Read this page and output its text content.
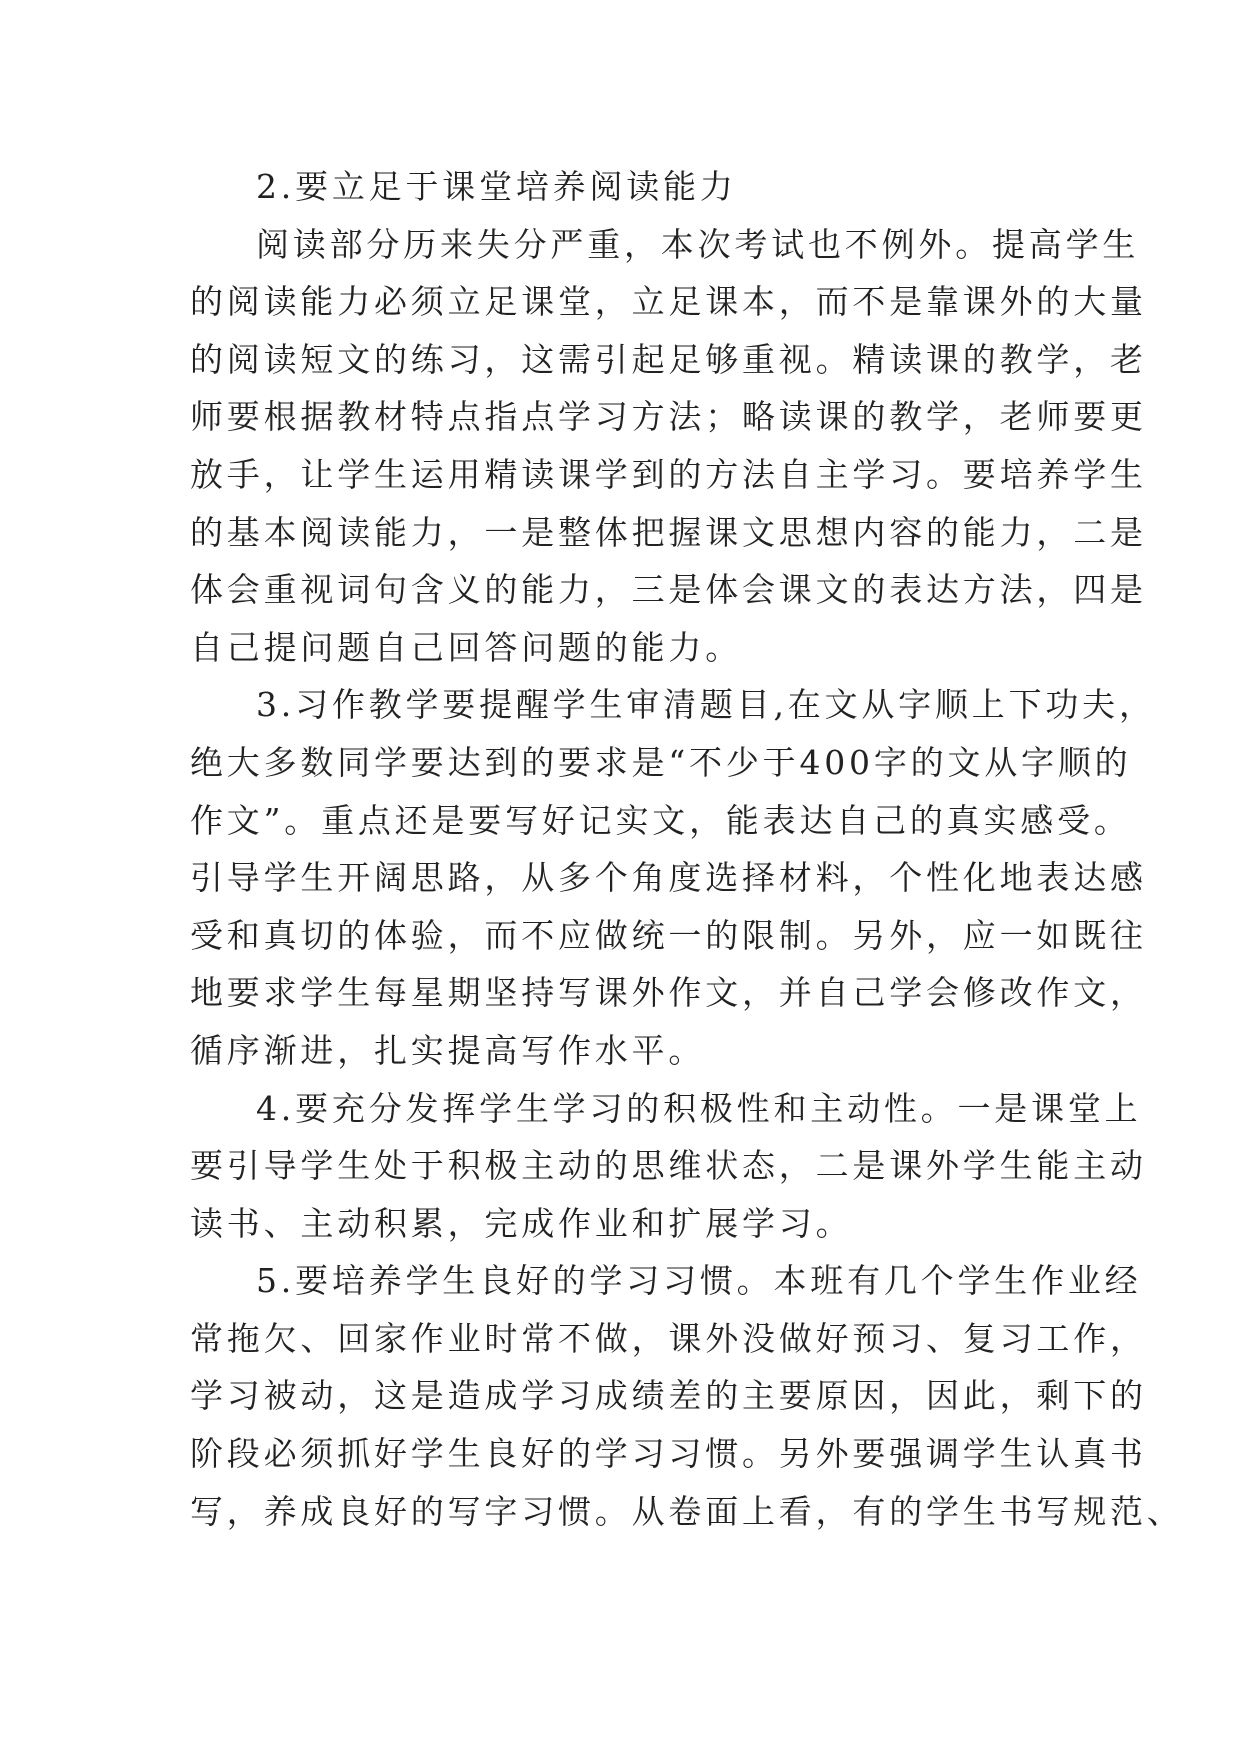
2.要立足于课堂培养阅读能力
阅读部分历来失分严重，本次考试也不例外。提高学生
的阅读能力必须立足课堂，立足课本，而不是靠课外的大量
的阅读短文的练习，这需引起足够重视。精读课的教学，老
师要根据教材特点指点学习方法；略读课的教学，老师要更
放手，让学生运用精读课学到的方法自主学习。要培养学生
的基本阅读能力，一是整体把握课文思想内容的能力，二是
体会重视词句含义的能力，三是体会课文的表达方法，四是
自己提问题自己回答问题的能力。
3.习作教学要提醒学生审清题目,在文从字顺上下功夫，
绝大多数同学要达到的要求是“不少于400字的文从字顺的
作文”。重点还是要写好记实文，能表达自己的真实感受。
引导学生开阔思路，从多个角度选择材料，个性化地表达感
受和真切的体验，而不应做统一的限制。另外，应一如既往
地要求学生每星期坚持写课外作文，并自己学会修改作文，
循序渐进，扎实提高写作水平。
4.要充分发挥学生学习的积极性和主动性。一是课堂上
要引导学生处于积极主动的思维状态，二是课外学生能主动
读书、主动积累，完成作业和扩展学习。
5.要培养学生良好的学习习惯。本班有几个学生作业经
常拖欠、回家作业时常不做，课外没做好预习、复习工作，
学习被动，这是造成学习成绩差的主要原因，因此，剩下的
阶段必须抓好学生良好的学习习惯。另外要强调学生认真书
写，养成良好的写字习惯。从卷面上看，有的学生书写规范、
